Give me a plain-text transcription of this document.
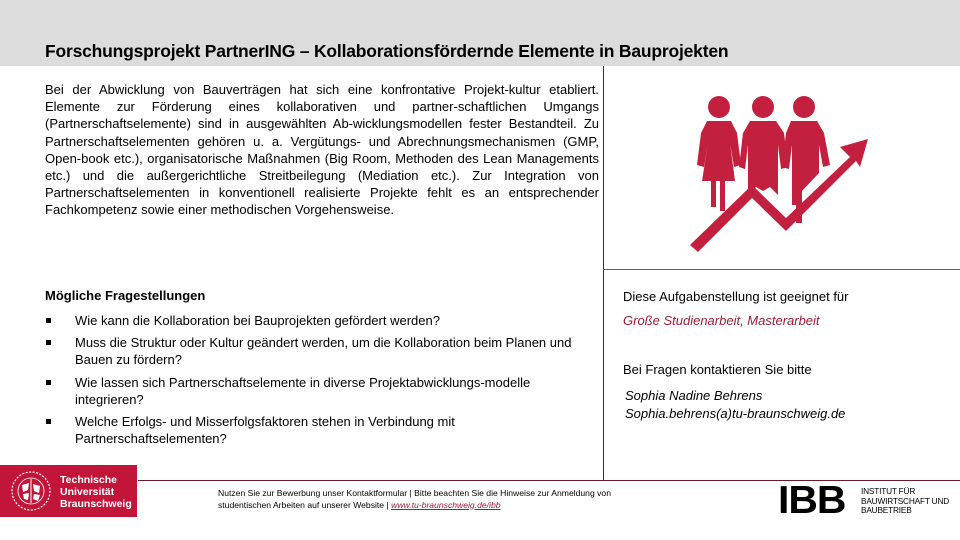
Forschungsprojekt PartnerING – Kollaborationsfördernde Elemente in Bauprojekten

Bei der Abwicklung von Bauverträgen hat sich eine konfrontative Projekt-kultur etabliert. Elemente zur Förderung eines kollaborativen und partner-schaftlichen Umgangs (Partnerschaftselemente) sind in ausgewählten Ab-wicklungsmodellen fester Bestandteil. Zu Partnerschaftselementen gehören u. a. Vergütungs- und Abrechnungsmechanismen (GMP, Open-book etc.), organisatorische Maßnahmen (Big Room, Methoden des Lean Managements etc.) und die außergerichtliche Streitbeilegung (Mediation etc.). Zur Integration von Partnerschaftselementen in konventionell realisierte Projekte fehlt es an entsprechender Fachkompetenz sowie einer methodischen Vorgehensweise.

Mögliche Fragestellungen
Wie kann die Kollaboration bei Bauprojekten gefördert werden?
Muss die Struktur oder Kultur geändert werden, um die Kollaboration beim Planen und Bauen zu fördern?
Wie lassen sich Partnerschaftselemente in diverse Projektabwicklungs-modelle integrieren?
Welche Erfolgs- und Misserfolgsfaktoren stehen in Verbindung mit Partnerschaftselementen?
Diese Aufgabenstellung ist geeignet für
Große Studienarbeit, Masterarbeit
Bei Fragen kontaktieren Sie bitte
Sophia Nadine Behrens
Sophia.behrens(a)tu-braunschweig.de
Technische
Universität
Braunschweig
Nutzen Sie zur Bewerbung unser Kontaktformular | Bitte beachten Sie die Hinweise zur Anmeldung von
studentischen Arbeiten auf unserer Website | www.tu-braunschweig.de/ibb	IBB INSTITUT FÜR
BAUWIRTSCHAFT UND
BAUBETRIEB
